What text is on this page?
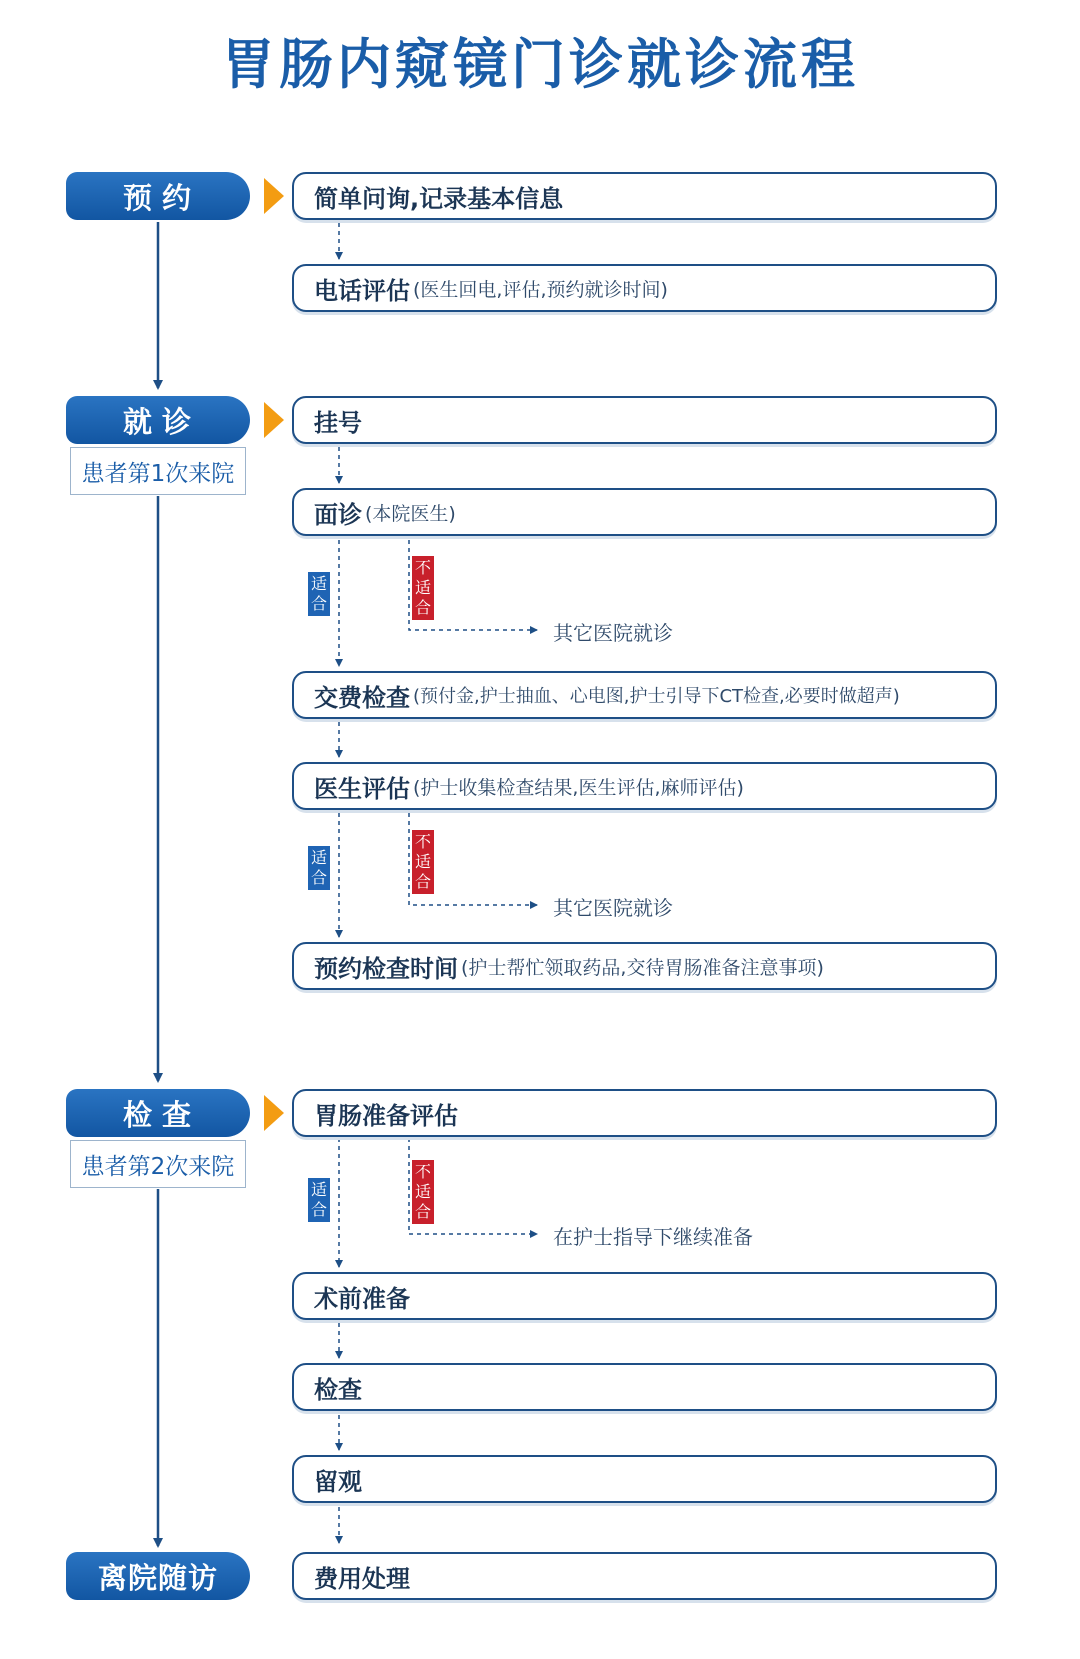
胃肠内窥镜门诊就诊流程
预约
就诊
患者第1次来院
检查
患者第2次来院
离院随访
简单问询,记录基本信息
电话评估 (医生回电,评估,预约就诊时间)
挂号
面诊 (本院医生)
交费检查 (预付金,护士抽血、心电图,护士引导下CT检查,必要时做超声)
医生评估 (护士收集检查结果,医生评估,麻师评估)
预约检查时间 (护士帮忙领取药品,交待胃肠准备注意事项)
胃肠准备评估
术前准备
检查
留观
费用处理
适
合
不
适
合
其它医院就诊
适
合
不
适
合
其它医院就诊
适
合
不
适
合
在护士指导下继续准备
